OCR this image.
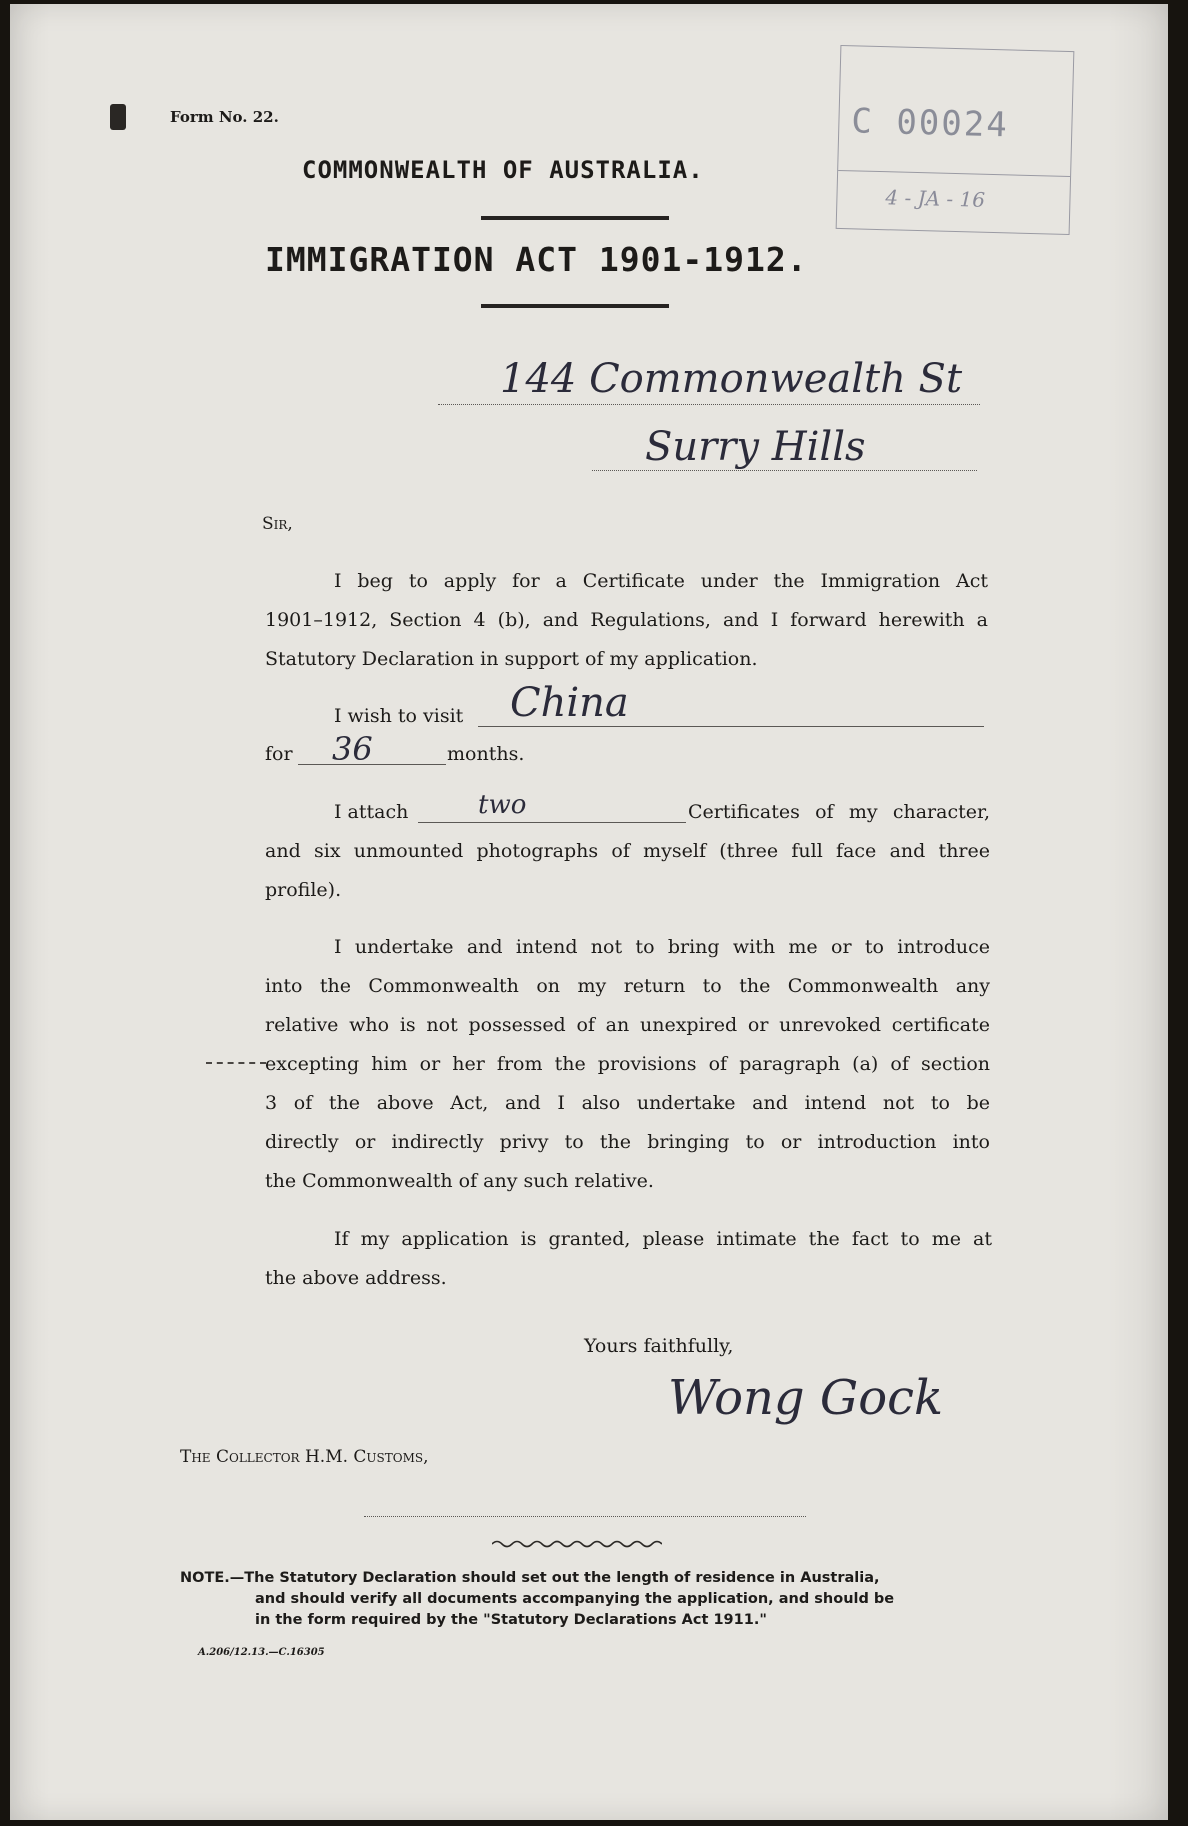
Form No. 22.	C 00024
4 - JA - 16
COMMONWEALTH OF AUSTRALIA.
IMMIGRATION ACT 1901-1912.
144 Commonwealth St
Surry Hills
Sir,
I beg to apply for a Certificate under the Immigration Act
1901–1912, Section 4 (b), and Regulations, and I forward herewith a
Statutory Declaration in support of my application.
I wish to visit China
for 36	months.
I attach	two	Certificates of my character,
and six unmounted photographs of myself (three full face and three
profile).
I undertake and intend not to bring with me or to introduce
into the Commonwealth on my return to the Commonwealth any
relative who is not possessed of an unexpired or unrevoked certificate
excepting him or her from the provisions of paragraph (a) of section
3 of the above Act, and I also undertake and intend not to be
directly or indirectly privy to the bringing to or introduction into
the Commonwealth of any such relative.
If my application is granted, please intimate the fact to me at
the above address.
Yours faithfully,
Wong Gock
The Collector H.M. Customs,
NOTE.—The Statutory Declaration should set out the length of residence in Australia,
and should verify all documents accompanying the application, and should be
in the form required by the "Statutory Declarations Act 1911."
A.206/12.13.—C.16305
